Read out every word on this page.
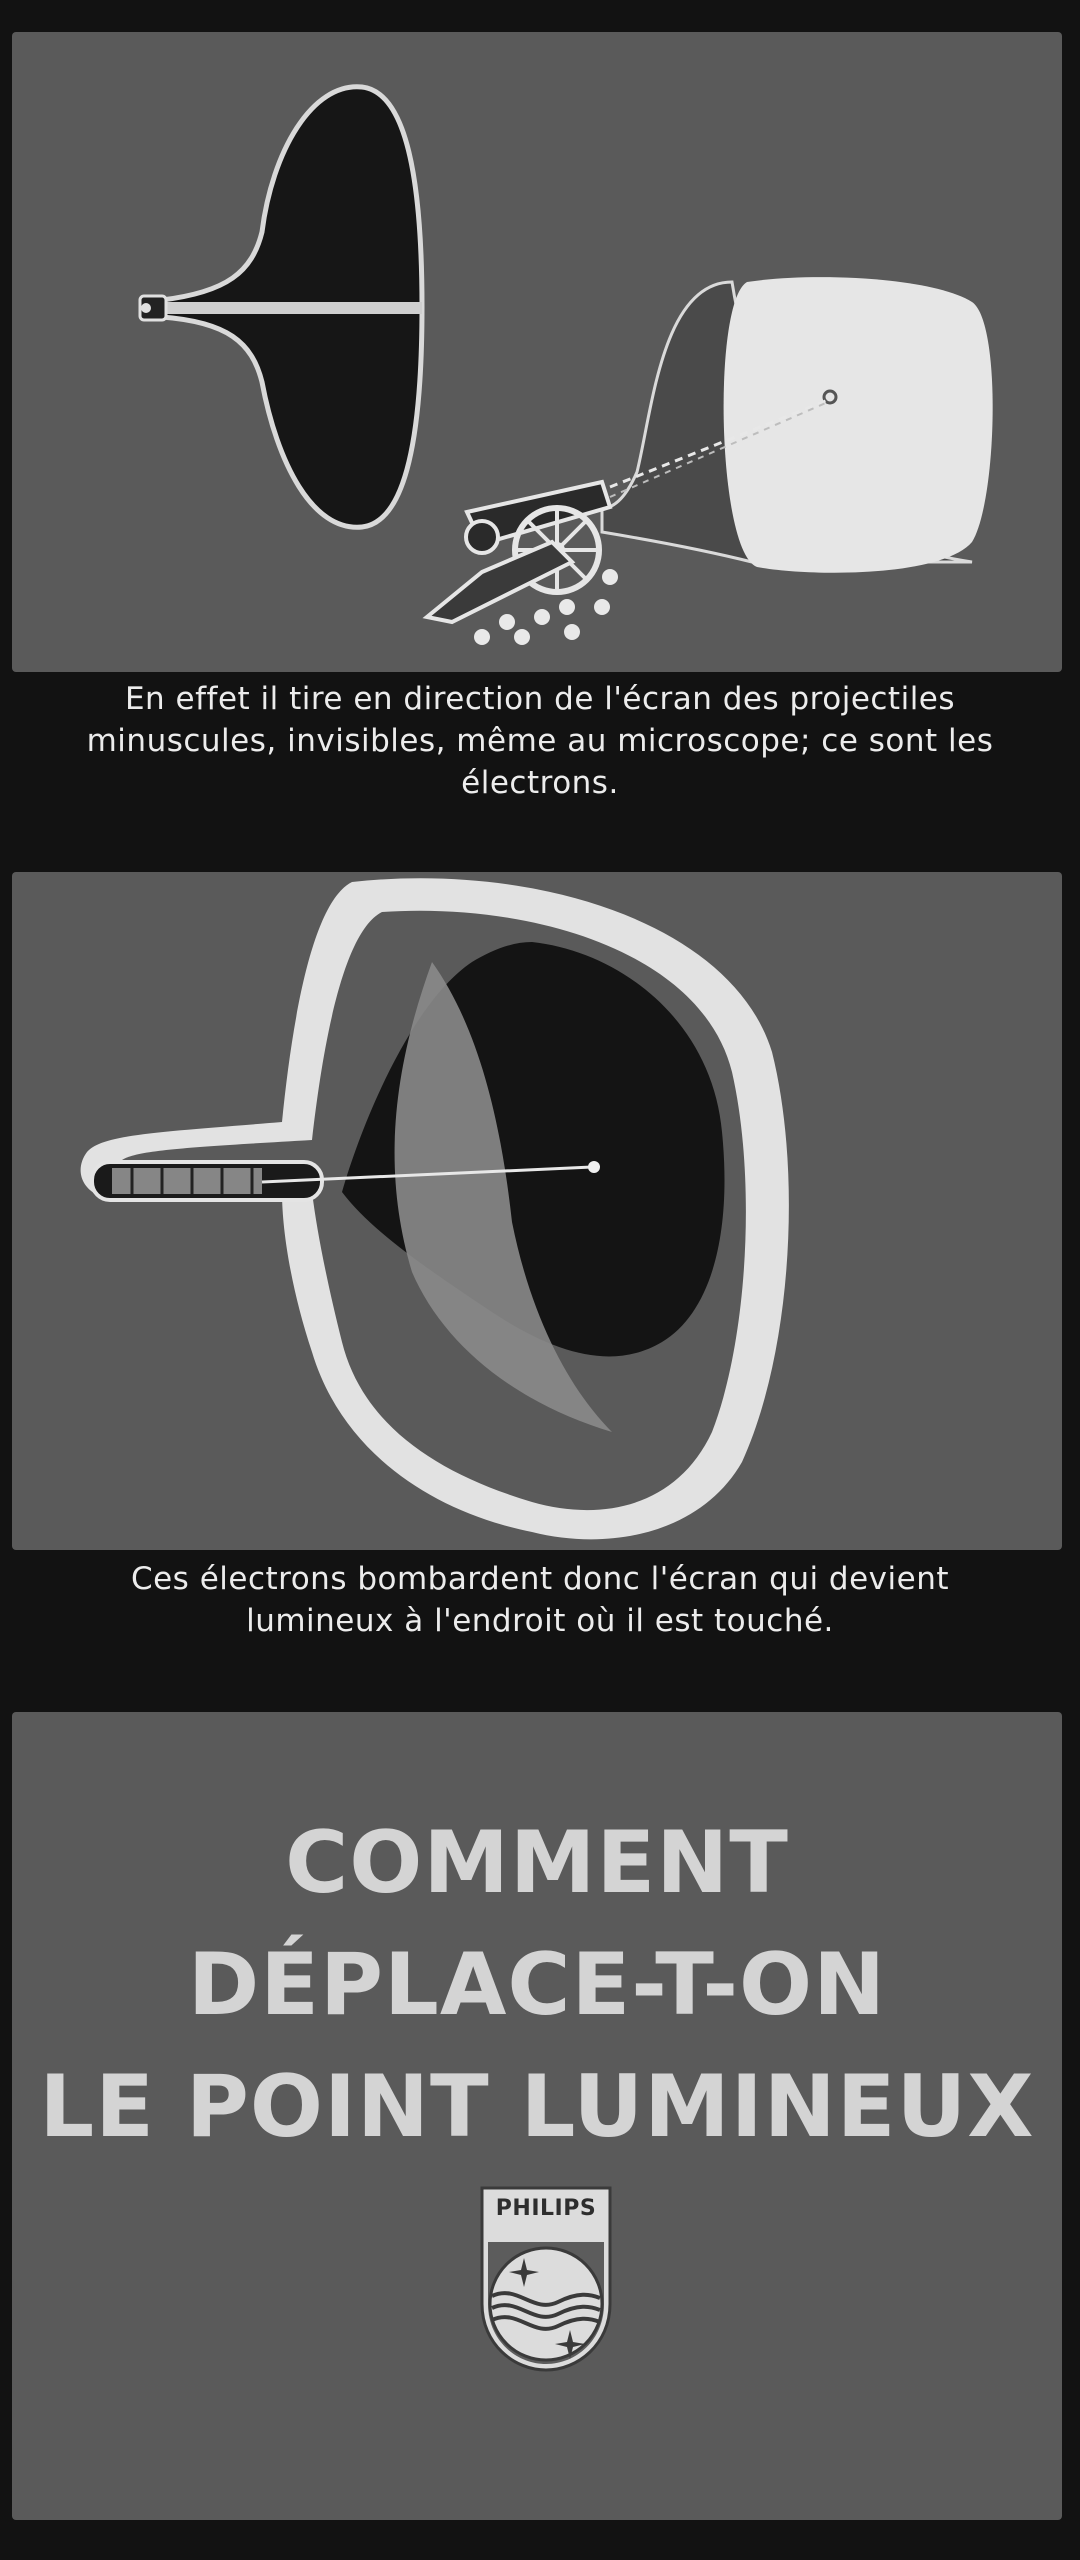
En effet il tire en direction de l'écran des projectiles
minuscules, invisibles, même au microscope; ce sont les
électrons.
Ces électrons bombardent donc l'écran qui devient
lumineux à l'endroit où il est touché.
COMMENT
DÉPLACE-T-ON
LE POINT LUMINEUX
PHILIPS
